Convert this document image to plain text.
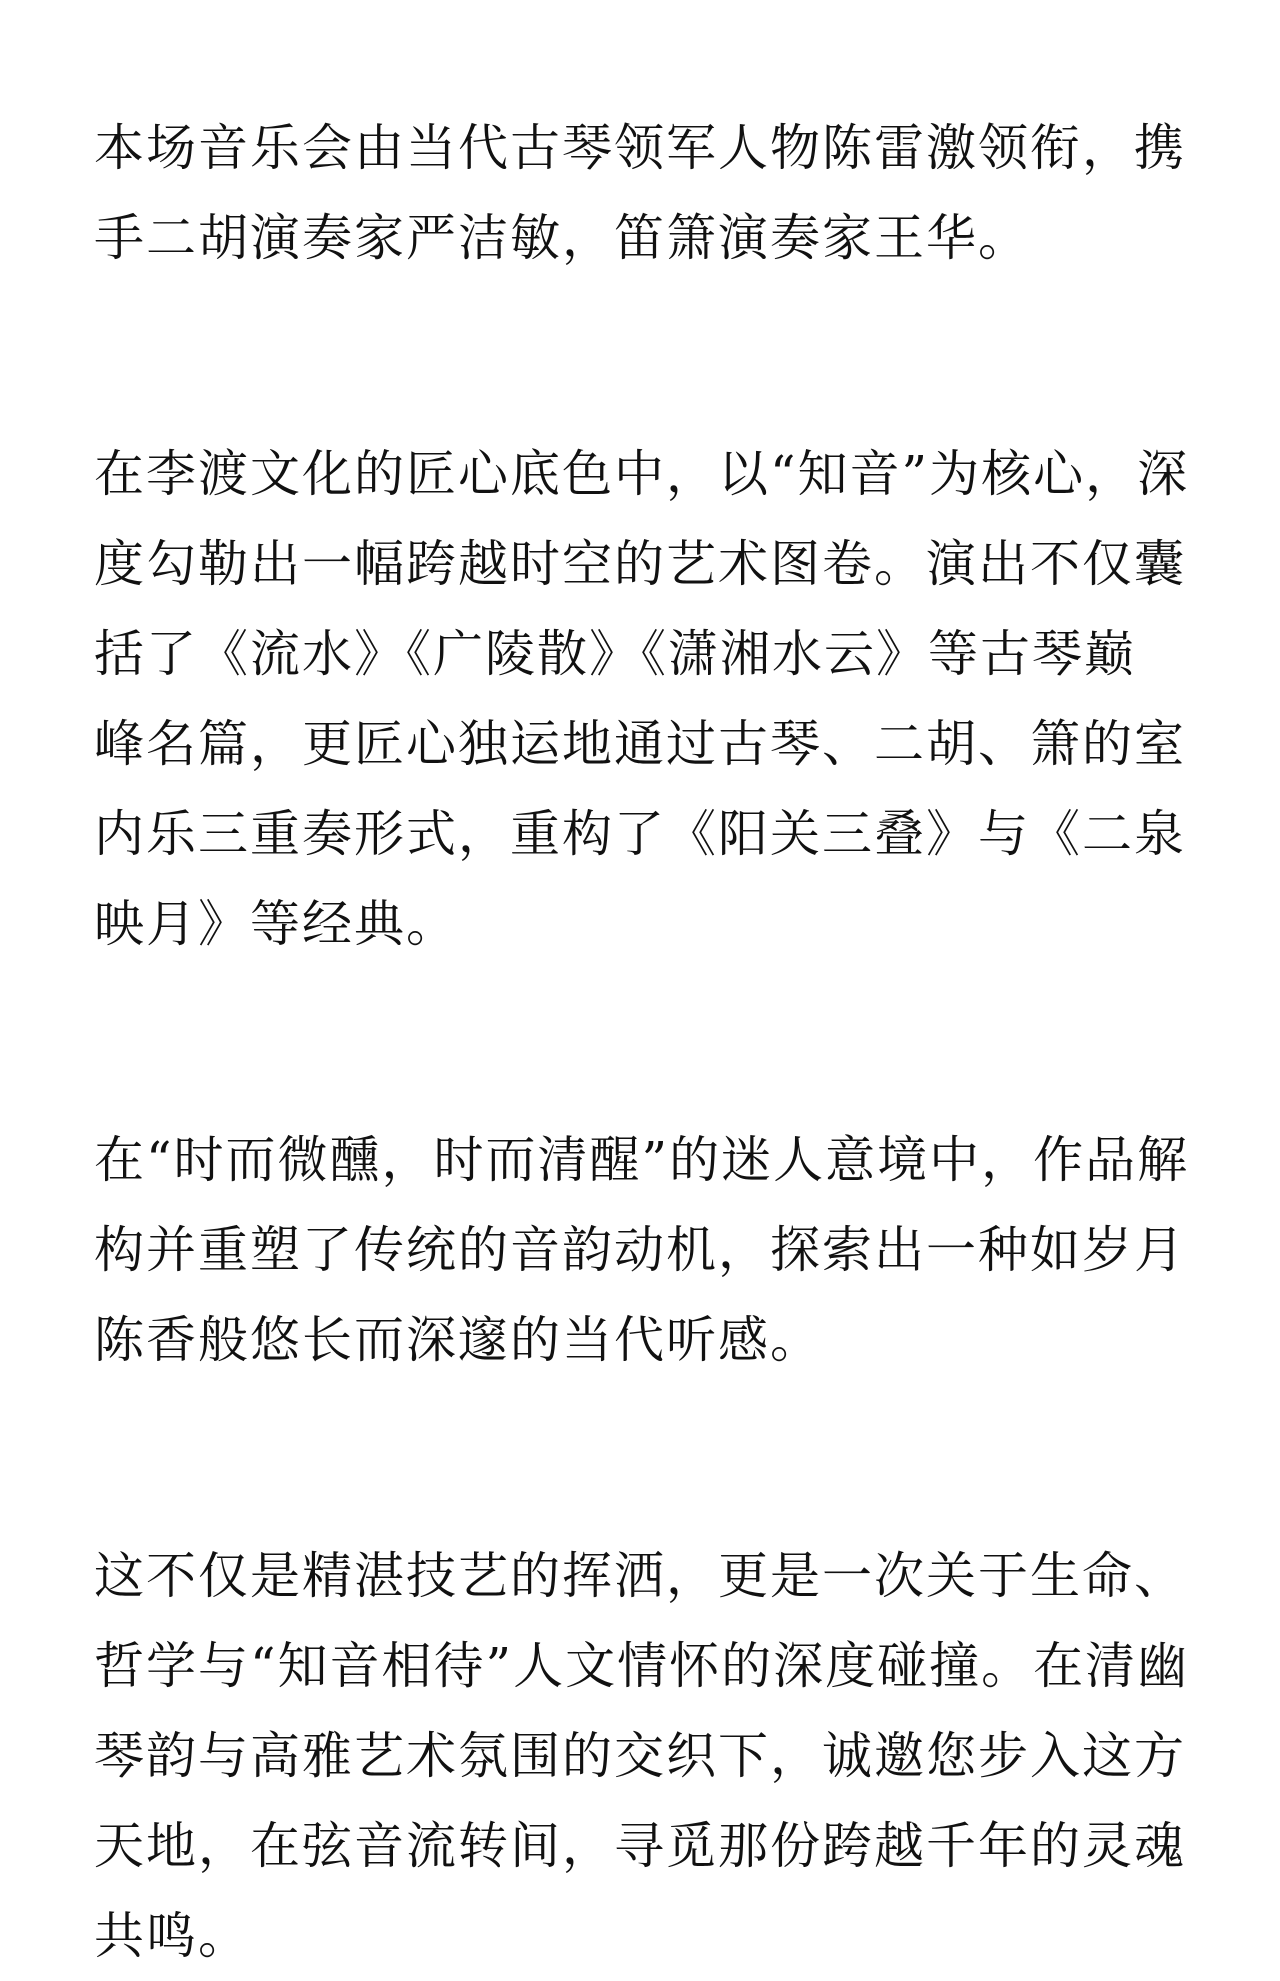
本场音乐会由当代古琴领军人物陈雷激领衔，携
手二胡演奏家严洁敏，笛箫演奏家王华。

在李渡文化的匠心底色中，以“知音”为核心，深
度勾勒出一幅跨越时空的艺术图卷。演出不仅囊
括了《流水》《广陵散》《潇湘水云》等古琴巅
峰名篇，更匠心独运地通过古琴、二胡、箫的室
内乐三重奏形式，重构了《阳关三叠》与《二泉
映月》等经典。

在“时而微醺，时而清醒”的迷人意境中，作品解
构并重塑了传统的音韵动机，探索出一种如岁月
陈香般悠长而深邃的当代听感。

这不仅是精湛技艺的挥洒，更是一次关于生命、
哲学与“知音相待”人文情怀的深度碰撞。在清幽
琴韵与高雅艺术氛围的交织下，诚邀您步入这方
天地，在弦音流转间，寻觅那份跨越千年的灵魂
共鸣。
